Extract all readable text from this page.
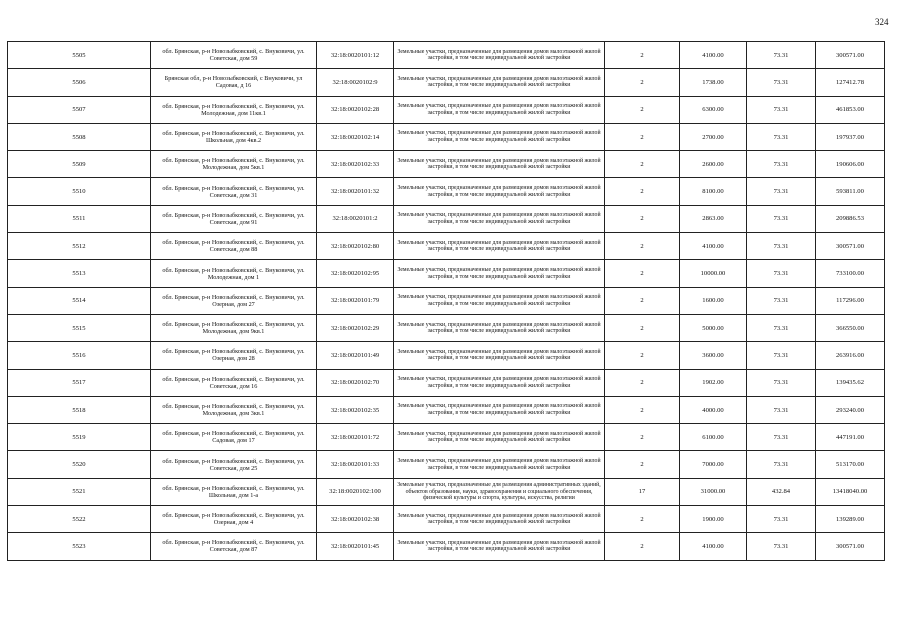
324
5505	обл. Брянская, р-н Новозыбковский, с. Внуковичи, ул. Советская, дом 59	32:18:0020101:12	Земельные участки, предназначенные для размещения домов малоэтажной жилой застройки, в том числе индивидуальной жилой застройки	2	4100.00	73.31	300571.00
5506	Брянская обл, р-н Новозыбковский, с Внуковичи, ул Садовая, д 16	32:18:0020102:9	Земельные участки, предназначенные для размещения домов малоэтажной жилой застройки, в том числе индивидуальной жилой застройки	2	1738.00	73.31	127412.78
5507	обл. Брянская, р-н Новозыбковский, с. Внуковичи, ул. Молодежная, дом 11кв.1	32:18:0020102:28	Земельные участки, предназначенные для размещения домов малоэтажной жилой застройки, в том числе индивидуальной жилой застройки	2	6300.00	73.31	461853.00
5508	обл. Брянская, р-н Новозыбковский, с. Внуковичи, ул. Школьная, дом 4кв.2	32:18:0020102:14	Земельные участки, предназначенные для размещения домов малоэтажной жилой застройки, в том числе индивидуальной жилой застройки	2	2700.00	73.31	197937.00
5509	обл. Брянская, р-н Новозыбковский, с. Внуковичи, ул. Молодежная, дом 5кв.1	32:18:0020102:33	Земельные участки, предназначенные для размещения домов малоэтажной жилой застройки, в том числе индивидуальной жилой застройки	2	2600.00	73.31	190606.00
5510	обл. Брянская, р-н Новозыбковский, с. Внуковичи, ул. Советская, дом 31	32:18:0020101:32	Земельные участки, предназначенные для размещения домов малоэтажной жилой застройки, в том числе индивидуальной жилой застройки	2	8100.00	73.31	593811.00
5511	обл. Брянская, р-н Новозыбковский, с. Внуковичи, ул. Советская, дом 91	32:18:0020101:2	Земельные участки, предназначенные для размещения домов малоэтажной жилой застройки, в том числе индивидуальной жилой застройки	2	2863.00	73.31	209886.53
5512	обл. Брянская, р-н Новозыбковский, с. Внуковичи, ул. Советская, дом 88	32:18:0020102:80	Земельные участки, предназначенные для размещения домов малоэтажной жилой застройки, в том числе индивидуальной жилой застройки	2	4100.00	73.31	300571.00
5513	обл. Брянская, р-н Новозыбковский, с. Внуковичи, ул. Молодежная, дом 1	32:18:0020102:95	Земельные участки, предназначенные для размещения домов малоэтажной жилой застройки, в том числе индивидуальной жилой застройки	2	10000.00	73.31	733100.00
5514	обл. Брянская, р-н Новозыбковский, с. Внуковичи, ул. Озерная, дом 27	32:18:0020101:79	Земельные участки, предназначенные для размещения домов малоэтажной жилой застройки, в том числе индивидуальной жилой застройки	2	1600.00	73.31	117296.00
5515	обл. Брянская, р-н Новозыбковский, с. Внуковичи, ул. Молодежная, дом 9кв.1	32:18:0020102:29	Земельные участки, предназначенные для размещения домов малоэтажной жилой застройки, в том числе индивидуальной жилой застройки	2	5000.00	73.31	366550.00
5516	обл. Брянская, р-н Новозыбковский, с. Внуковичи, ул. Озерная, дом 28	32:18:0020101:49	Земельные участки, предназначенные для размещения домов малоэтажной жилой застройки, в том числе индивидуальной жилой застройки	2	3600.00	73.31	263916.00
5517	обл. Брянская, р-н Новозыбковский, с. Внуковичи, ул. Советская, дом 16	32:18:0020102:70	Земельные участки, предназначенные для размещения домов малоэтажной жилой застройки, в том числе индивидуальной жилой застройки	2	1902.00	73.31	139435.62
5518	обл. Брянская, р-н Новозыбковский, с. Внуковичи, ул. Молодежная, дом 3кв.1	32:18:0020102:35	Земельные участки, предназначенные для размещения домов малоэтажной жилой застройки, в том числе индивидуальной жилой застройки	2	4000.00	73.31	293240.00
5519	обл. Брянская, р-н Новозыбковский, с. Внуковичи, ул. Садовая, дом 17	32:18:0020101:72	Земельные участки, предназначенные для размещения домов малоэтажной жилой застройки, в том числе индивидуальной жилой застройки	2	6100.00	73.31	447191.00
5520	обл. Брянская, р-н Новозыбковский, с. Внуковичи, ул. Советская, дом 25	32:18:0020101:33	Земельные участки, предназначенные для размещения домов малоэтажной жилой застройки, в том числе индивидуальной жилой застройки	2	7000.00	73.31	513170.00
5521	обл. Брянская, р-н Новозыбковский, с. Внуковичи, ул. Школьная, дом 1-а	32:18:0020102:100	Земельные участки, предназначенные для размещения административных зданий, объектов образования, науки, здравоохранения и социального обеспечения, физической культуры и спорта, культуры, искусства, религии	17	31000.00	432.84	13418040.00
5522	обл. Брянская, р-н Новозыбковский, с. Внуковичи, ул. Озерная, дом 4	32:18:0020102:38	Земельные участки, предназначенные для размещения домов малоэтажной жилой застройки, в том числе индивидуальной жилой застройки	2	1900.00	73.31	139289.00
5523	обл. Брянская, р-н Новозыбковский, с. Внуковичи, ул. Советская, дом 87	32:18:0020101:45	Земельные участки, предназначенные для размещения домов малоэтажной жилой застройки, в том числе индивидуальной жилой застройки	2	4100.00	73.31	300571.00
